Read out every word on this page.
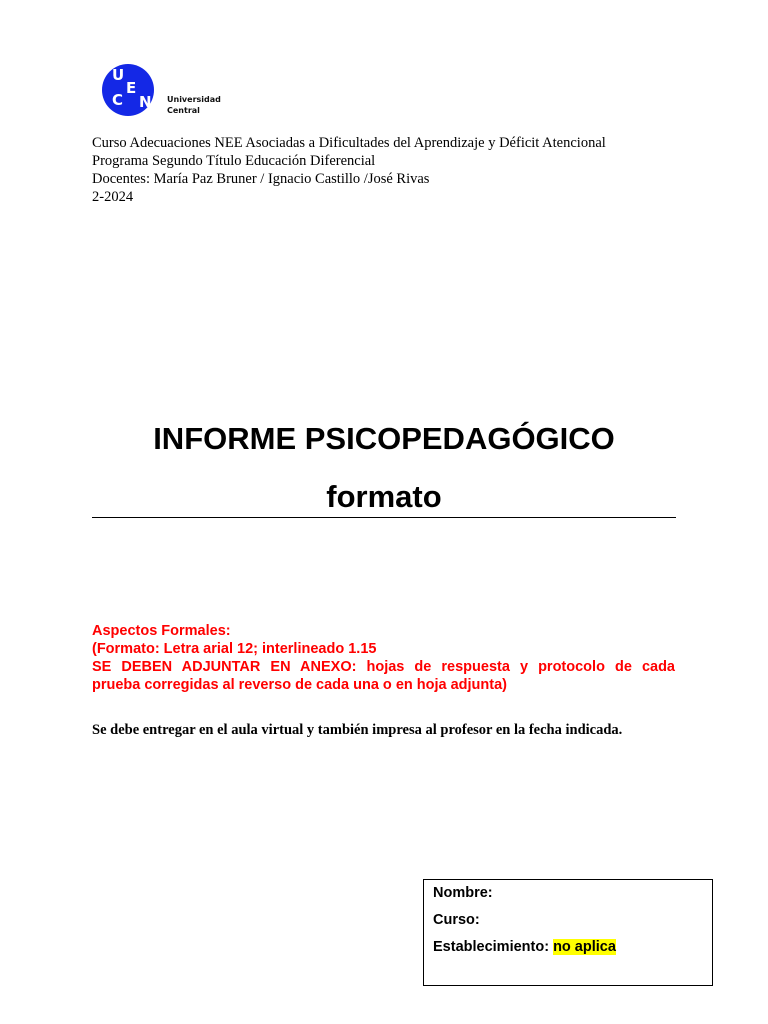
U
C
E
N Universidad
Central
Curso Adecuaciones NEE Asociadas a Dificultades del Aprendizaje y Déficit Atencional
Programa Segundo Título Educación Diferencial
Docentes: María Paz Bruner / Ignacio Castillo /José Rivas
2-2024
INFORME PSICOPEDAGÓGICO
formato
Aspectos Formales:
(Formato: Letra arial 12; interlineado 1.15
SE DEBEN ADJUNTAR EN ANEXO: hojas de respuesta y protocolo de cada
prueba corregidas al reverso de cada una o en hoja adjunta)
Se debe entregar en el aula virtual y también impresa al profesor en la fecha indicada.
Nombre:
Curso:
Establecimiento: no aplica
